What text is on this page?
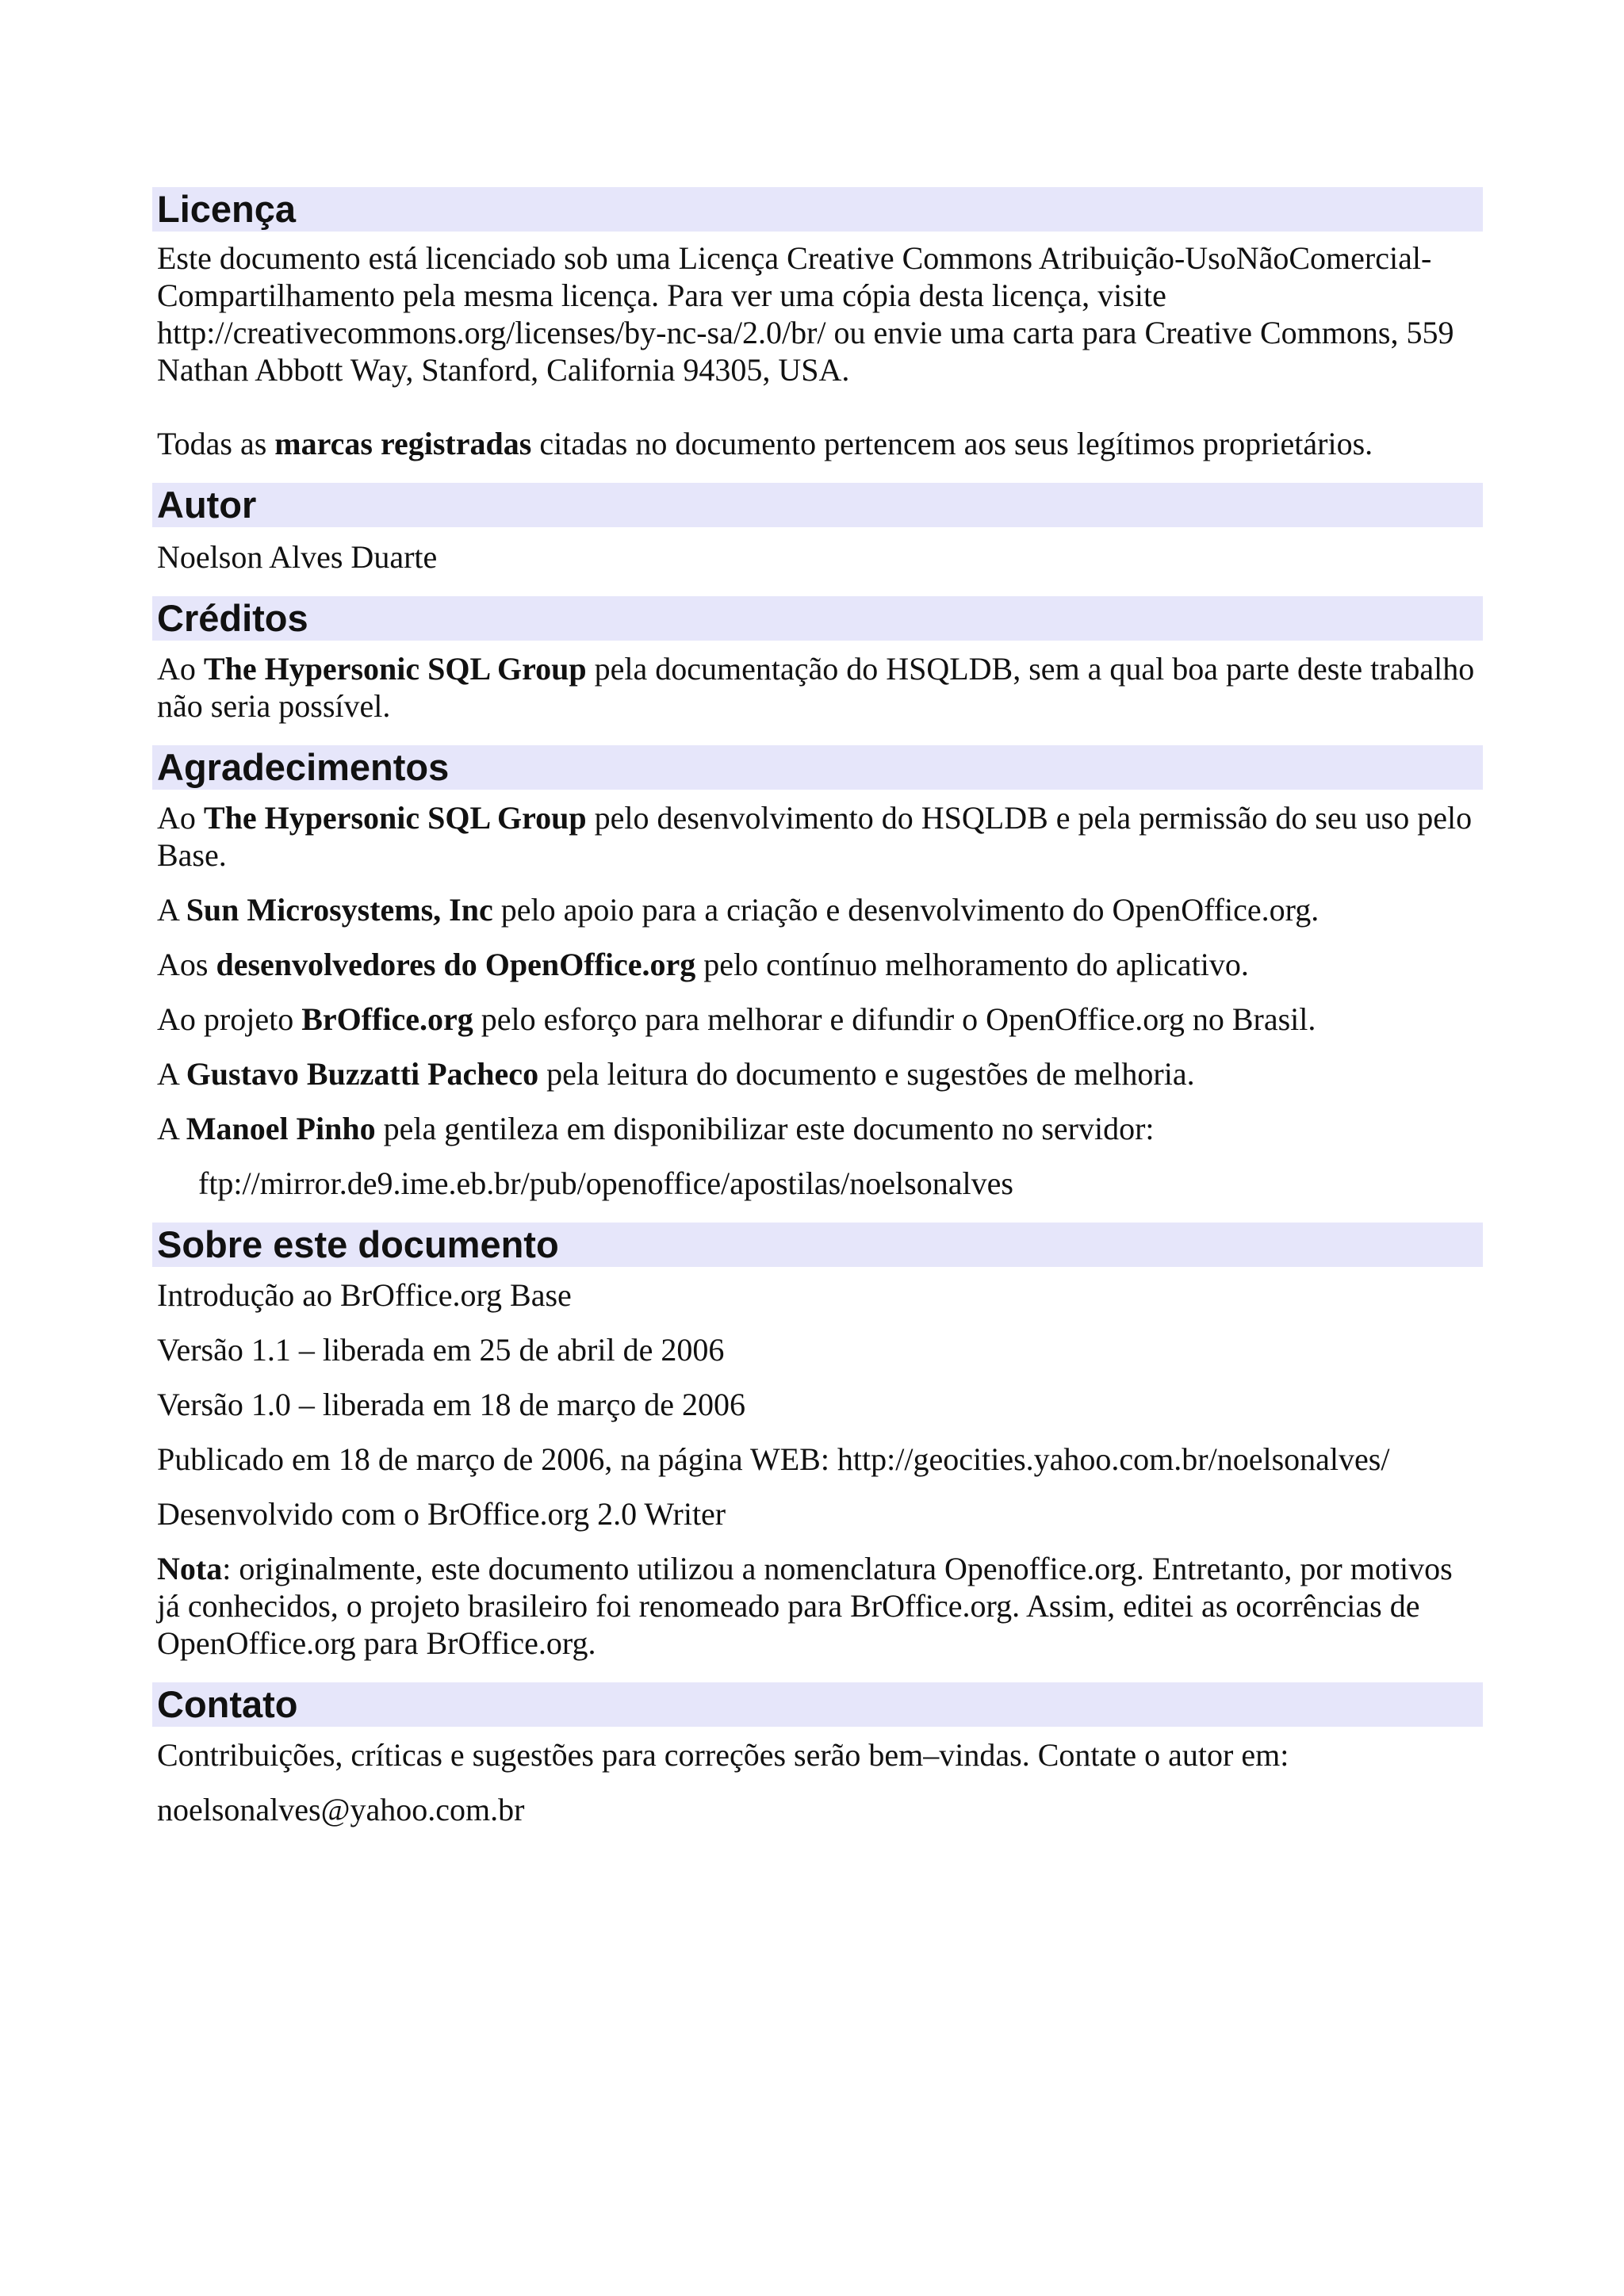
Licença

Este documento está licenciado sob uma Licença Creative Commons Atribuição-UsoNãoComercial-Compartilhamento pela mesma licença. Para ver uma cópia desta licença, visite http://creativecommons.org/licenses/by-nc-sa/2.0/br/ ou envie uma carta para Creative Commons, 559 Nathan Abbott Way, Stanford, California 94305, USA.

Todas as marcas registradas citadas no documento pertencem aos seus legítimos proprietários.

Autor

Noelson Alves Duarte

Créditos

Ao The Hypersonic SQL Group pela documentação do HSQLDB, sem a qual boa parte deste trabalho não seria possível.

Agradecimentos

Ao The Hypersonic SQL Group pelo desenvolvimento do HSQLDB e pela permissão do seu uso pelo Base.

A Sun Microsystems, Inc pelo apoio para a criação e desenvolvimento do OpenOffice.org.

Aos desenvolvedores do OpenOffice.org pelo contínuo melhoramento do aplicativo.

Ao projeto BrOffice.org pelo esforço para melhorar e difundir o OpenOffice.org no Brasil.

A Gustavo Buzzatti Pacheco pela leitura do documento e sugestões de melhoria.

A Manoel Pinho pela gentileza em disponibilizar este documento no servidor:

ftp://mirror.de9.ime.eb.br/pub/openoffice/apostilas/noelsonalves

Sobre este documento

Introdução ao BrOffice.org Base

Versão 1.1 – liberada em 25 de abril de 2006

Versão 1.0 – liberada em 18 de março de 2006

Publicado em 18 de março de 2006, na página WEB: http://geocities.yahoo.com.br/noelsonalves/

Desenvolvido com o BrOffice.org 2.0 Writer

Nota: originalmente, este documento utilizou a nomenclatura Openoffice.org. Entretanto, por motivos já conhecidos, o projeto brasileiro foi renomeado para BrOffice.org. Assim, editei as ocorrências de OpenOffice.org para BrOffice.org.

Contato

Contribuições, críticas e sugestões para correções serão bem–vindas. Contate o autor em:

noelsonalves@yahoo.com.br
